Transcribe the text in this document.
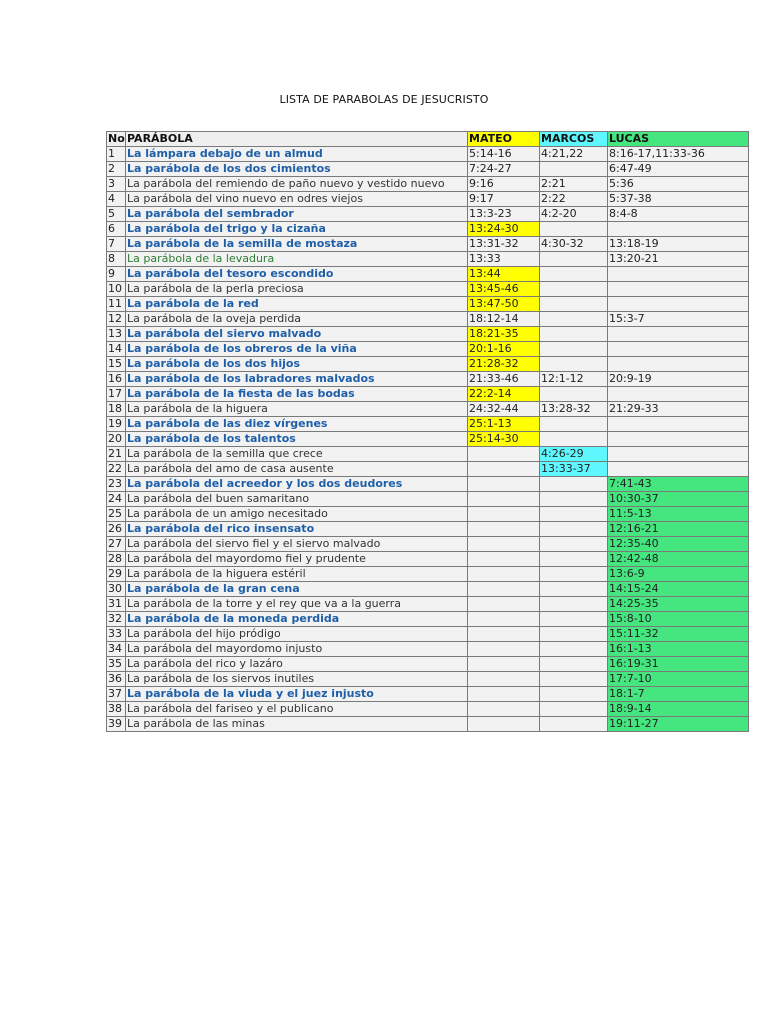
LISTA DE PARABOLAS DE JESUCRISTO
No	PARÁBOLA	MATEO	MARCOS	LUCAS
1	La lámpara debajo de un almud	5:14-16	4:21,22	8:16-17,11:33-36
2	La parábola de los dos cimientos	7:24-27		6:47-49
3	La parábola del remiendo de paño nuevo y vestido nuevo	9:16	2:21	5:36
4	La parábola del vino nuevo en odres viejos	9:17	2:22	5:37-38
5	La parábola del sembrador	13:3-23	4:2-20	8:4-8
6	La parábola del trigo y la cizaña	13:24-30		
7	La parábola de la semilla de mostaza	13:31-32	4:30-32	13:18-19
8	La parábola de la levadura	13:33		13:20-21
9	La parábola del tesoro escondido	13:44		
10	La parábola de la perla preciosa	13:45-46		
11	La parábola de la red	13:47-50		
12	La parábola de la oveja perdida	18:12-14		15:3-7
13	La parábola del siervo malvado	18:21-35		
14	La parábola de los obreros de la viña	20:1-16		
15	La parábola de los dos hijos	21:28-32		
16	La parábola de los labradores malvados	21:33-46	12:1-12	20:9-19
17	La parábola de la fiesta de las bodas	22:2-14		
18	La parábola de la higuera	24:32-44	13:28-32	21:29-33
19	La parábola de las diez vírgenes	25:1-13		
20	La parábola de los talentos	25:14-30		
21	La parábola de la semilla que crece		4:26-29	
22	La parábola del amo de casa ausente		13:33-37	
23	La parábola del acreedor y los dos deudores			7:41-43
24	La parábola del buen samaritano			10:30-37
25	La parábola de un amigo necesitado			11:5-13
26	La parábola del rico insensato			12:16-21
27	La parábola del siervo fiel y el siervo malvado			12:35-40
28	La parábola del mayordomo fiel y prudente			12:42-48
29	La parábola de la higuera estéril			13:6-9
30	La parábola de la gran cena			14:15-24
31	La parábola de la torre y el rey que va a la guerra			14:25-35
32	La parábola de la moneda perdida			15:8-10
33	La parábola del hijo pródigo			15:11-32
34	La parábola del mayordomo injusto			16:1-13
35	La parábola del rico y lazáro			16:19-31
36	La parábola de los siervos inutiles			17:7-10
37	La parábola de la viuda y el juez injusto			18:1-7
38	La parábola del fariseo y el publicano			18:9-14
39	La parábola de las minas			19:11-27
